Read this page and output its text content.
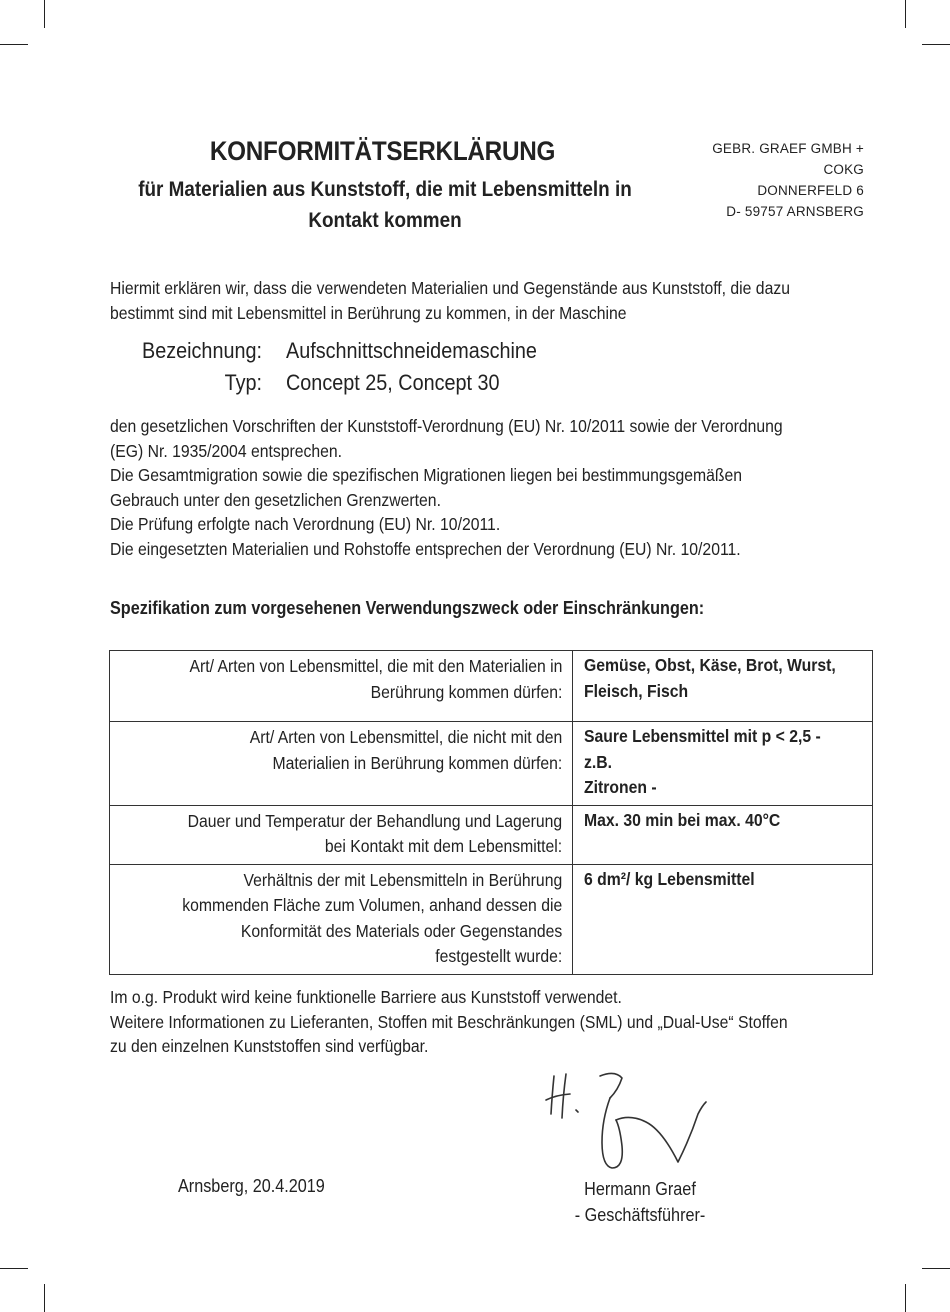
KONFORMITÄTSERKLÄRUNG
für Materialien aus Kunststoff, die mit Lebensmitteln in
Kontakt kommen
GEBR. GRAEF GMBH +
COKG
DONNERFELD 6
D- 59757 ARNSBERG
Hiermit erklären wir, dass die verwendeten Materialien und Gegenstände aus Kunststoff, die dazu
bestimmt sind mit Lebensmittel in Berührung zu kommen, in der Maschine
Bezeichnung: Aufschnittschneidemaschine
Typ: Concept 25, Concept 30
den gesetzlichen Vorschriften der Kunststoff-Verordnung (EU) Nr. 10/2011 sowie der Verordnung
(EG) Nr. 1935/2004 entsprechen.
Die Gesamtmigration sowie die spezifischen Migrationen liegen bei bestimmungsgemäßen
Gebrauch unter den gesetzlichen Grenzwerten.
Die Prüfung erfolgte nach Verordnung (EU) Nr. 10/2011.
Die eingesetzten Materialien und Rohstoffe entsprechen der Verordnung (EU) Nr. 10/2011.
Spezifikation zum vorgesehenen Verwendungszweck oder Einschränkungen:
Art/ Arten von Lebensmittel, die mit den Materialien in
Berührung kommen dürfen:	Gemüse, Obst, Käse, Brot, Wurst,
Fleisch, Fisch
Art/ Arten von Lebensmittel, die nicht mit den
Materialien in Berührung kommen dürfen:	Saure Lebensmittel mit p < 2,5 - z.B.
Zitronen -
Dauer und Temperatur der Behandlung und Lagerung
bei Kontakt mit dem Lebensmittel:	Max. 30 min bei max. 40°C
Verhältnis der mit Lebensmitteln in Berührung
kommenden Fläche zum Volumen, anhand dessen die
Konformität des Materials oder Gegenstandes
festgestellt wurde:	6 dm²/ kg Lebensmittel
Im o.g. Produkt wird keine funktionelle Barriere aus Kunststoff verwendet.
Weitere Informationen zu Lieferanten, Stoffen mit Beschränkungen (SML) und „Dual-Use“ Stoffen
zu den einzelnen Kunststoffen sind verfügbar.
Arnsberg, 20.4.2019	Hermann Graef
- Geschäftsführer-
